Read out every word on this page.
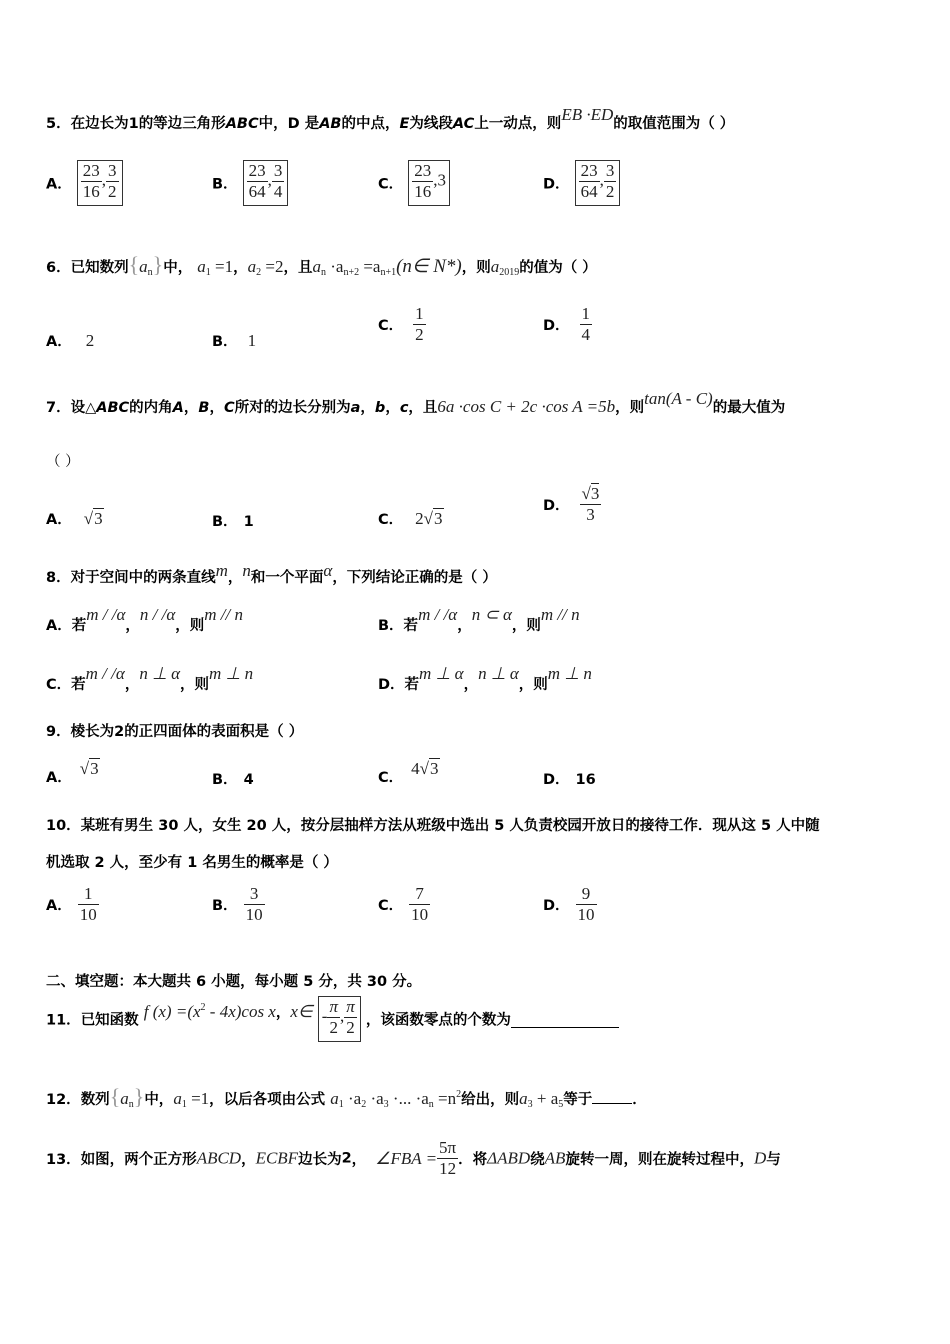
5．在边长为1的等边三角形ABC中，D 是AB的中点，E为线段AC上一动点，则EB ·ED的取值范围为（ ）
A． $\frac{23}{16}$ , $\frac{3}{2}$	B． $\frac{23}{64}$ , $\frac{3}{4}$	C． $\frac{23}{16} ,3$	D． $\frac{23}{64}$ , $\frac{3}{2}$
6．已知数列$\{a_n\}$中， $a_1 =1$，$a_2 =2$，且$a_n \cdot a_{n+2}$ $=a_{n+1}(n\in$ N*)，则$a_{2019}$的值为（ ）
A． 2	B． 1
C． $\frac{1}{2}$	D． $\frac{1}{4}$
7．设△ABC的内角A，B，C所对的边长分别为a，b，c，且6a ·cos C + 2c ·cos A =5b，则tan(A - C)的最大值为
（ ）
A． √3	B． 1	C． 2√3
D． $\frac{√3}{3}$
8．对于空间中的两条直线m，n和一个平面α，下列结论正确的是（ ）
A．若m / /α，n / /α，则m // n
B．若m / /α，n ⊂ α，则m // n
C．若m / /α，n ⊥ α，则m ⊥ n
D．若m ⊥ α，n ⊥ α，则m ⊥ n
9．棱长为2的正四面体的表面积是（ ）
A． √3
B． 4	C． 4√3
D． 16
10．某班有男生 30 人，女生 20 人，按分层抽样方法从班级中选出 5 人负责校园开放日的接待工作．现从这 5 人中随
机选取 2 人，至少有 1 名男生的概率是（ ）
A． $\frac{1}{10}$	B． $\frac{3}{10}$	C． $\frac{7}{10}$	D． $\frac{9}{10}$
二、填空题：本大题共 6 小题，每小题 5 分，共 30 分。
11．已知函数 f $(x) =(x^2 - 4x)\cos$ x，x∈ - $\frac{\pi}{2}$ , $\frac{\pi}{2}$ ，该函数零点的个数为
12．数列$\{a_n\}$中，$a_1 =1$，以后各项由公式 $a_1 \cdot a_2 \cdot a_3$ ·... $\cdot a_n =n^2$给出，则$a_3 + a_5$等于	．
13．如图，两个正方形ABCD，ECBF边长为2， ∠FBA = $\frac{5\pi}{12}$ ．将ΔABD绕AB旋转一周，则在旋转过程中，D与
